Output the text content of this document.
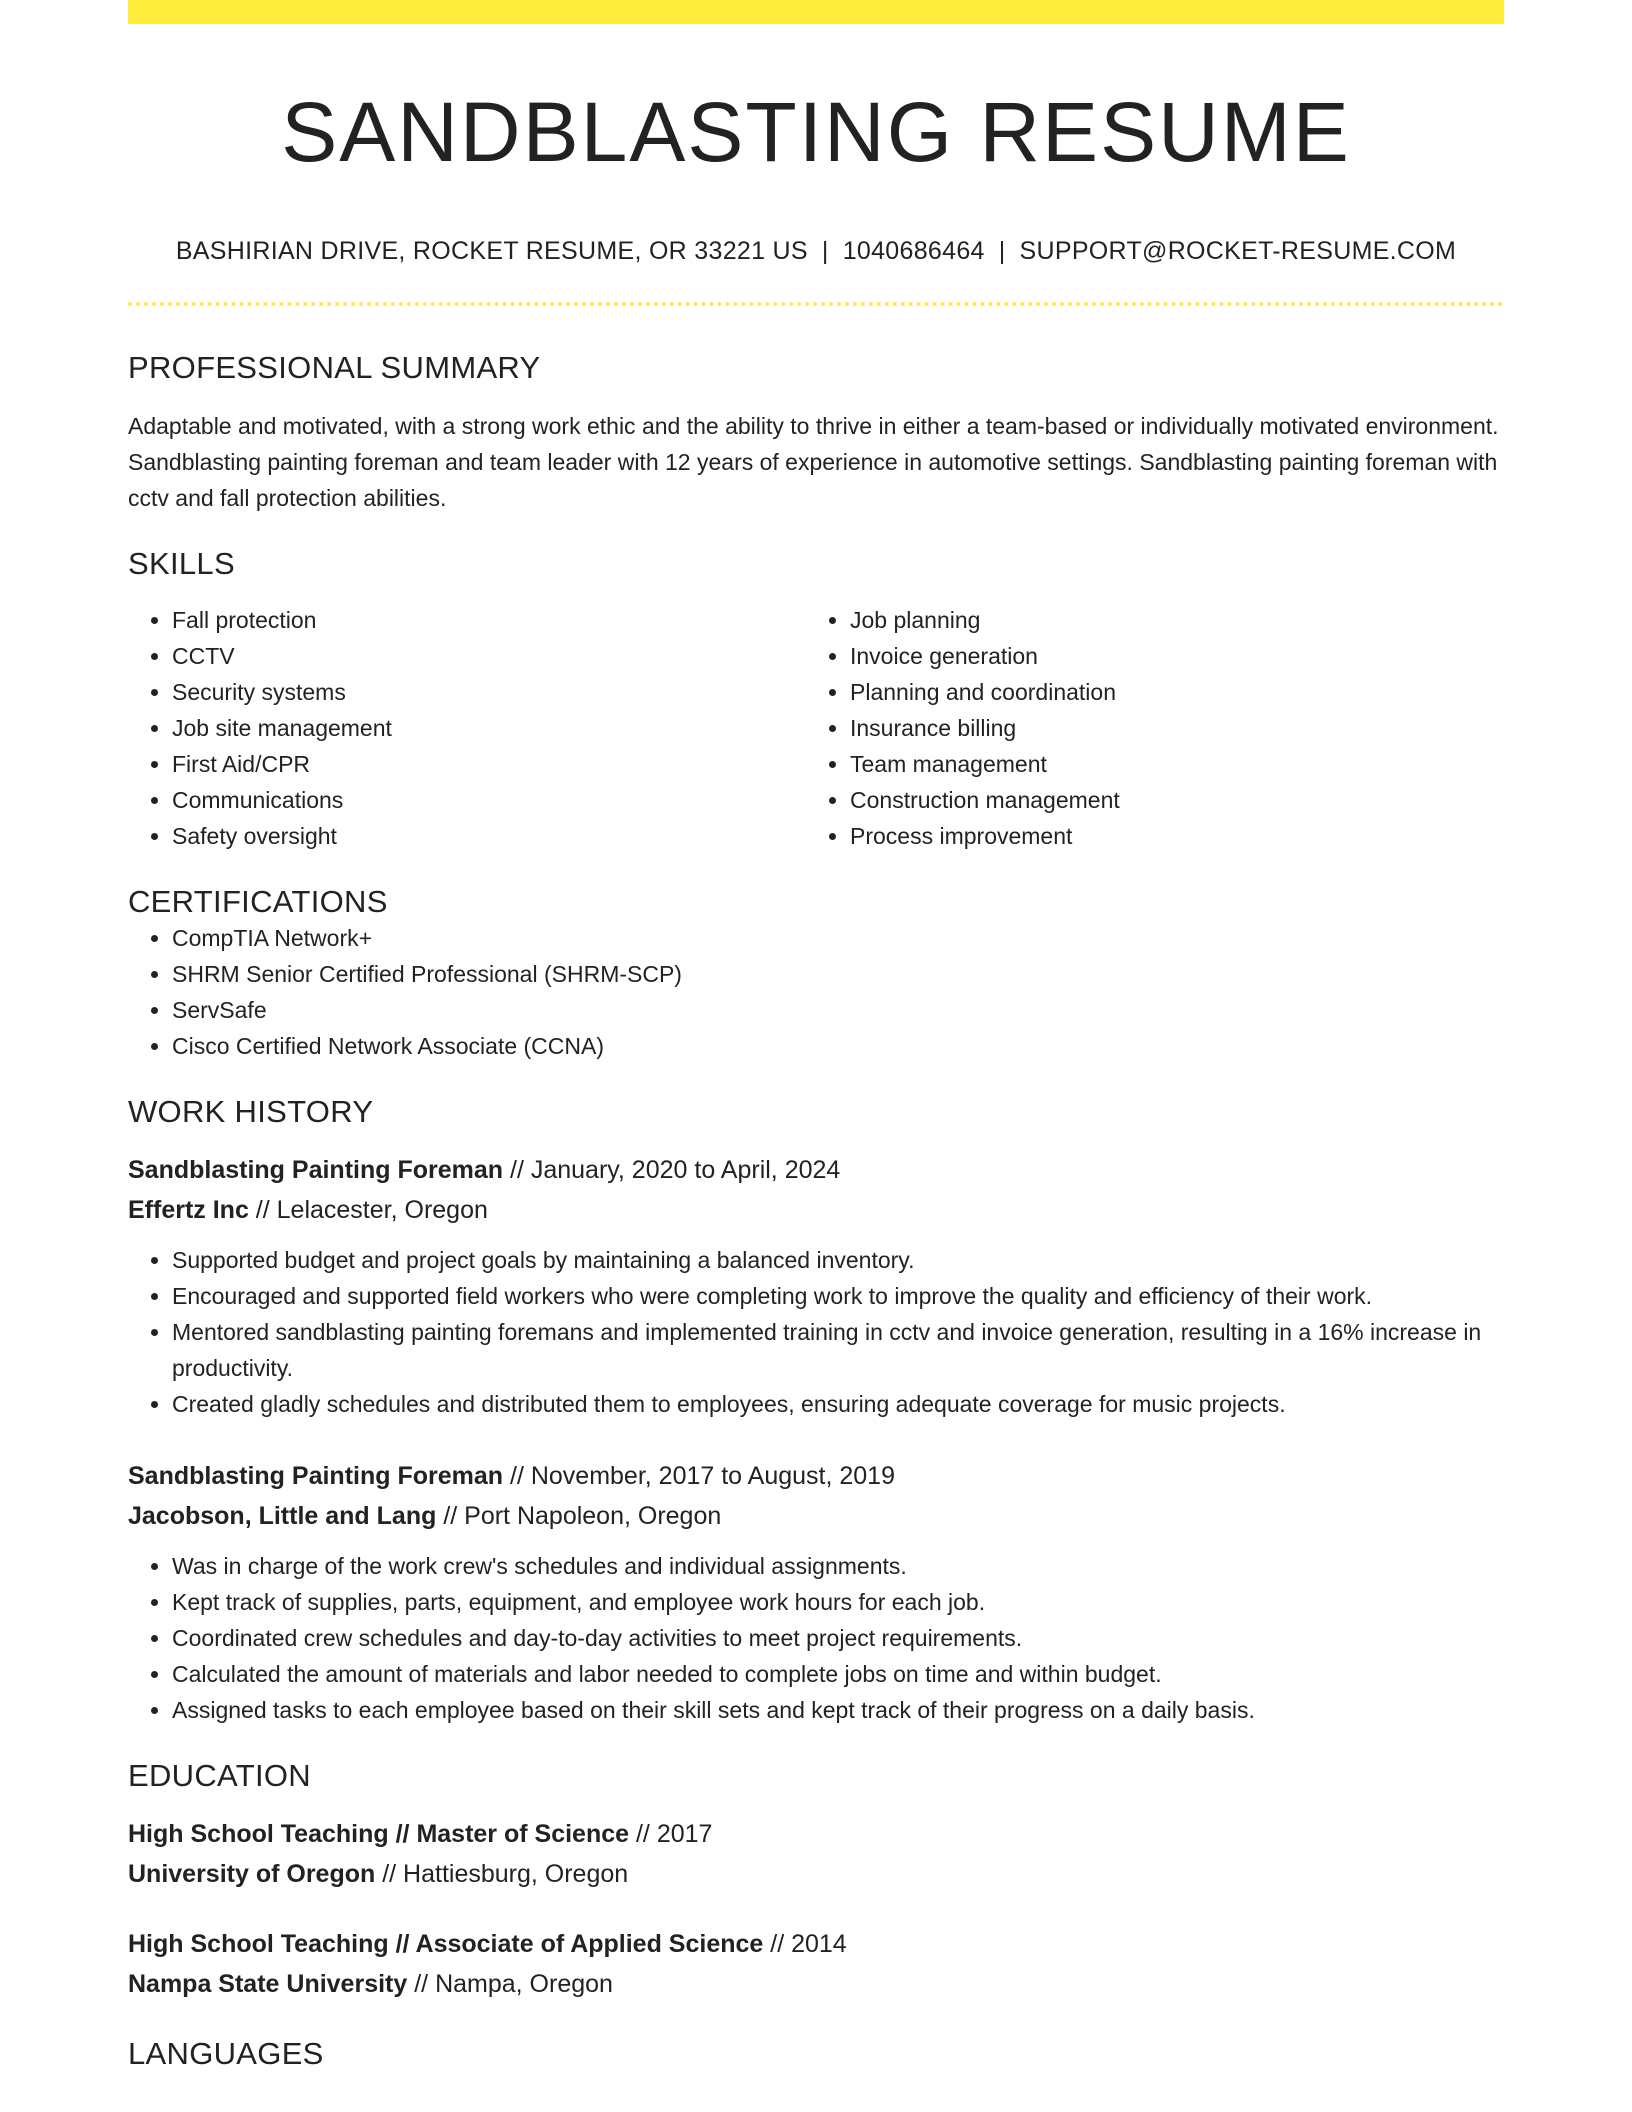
SANDBLASTING RESUME
BASHIRIAN DRIVE, ROCKET RESUME, OR 33221 US | 1040686464 | SUPPORT@ROCKET-RESUME.COM
PROFESSIONAL SUMMARY

Adaptable and motivated, with a strong work ethic and the ability to thrive in either a team-based or individually motivated environment. Sandblasting painting foreman and team leader with 12 years of experience in automotive settings. Sandblasting painting foreman with cctv and fall protection abilities.

SKILLS
• Fall protection
• CCTV
• Security systems
• Job site management
• First Aid/CPR
• Communications
• Safety oversight
• Job planning
• Invoice generation
• Planning and coordination
• Insurance billing
• Team management
• Construction management
• Process improvement
CERTIFICATIONS
• CompTIA Network+
• SHRM Senior Certified Professional (SHRM-SCP)
• ServSafe
• Cisco Certified Network Associate (CCNA)
WORK HISTORY
Sandblasting Painting Foreman // January, 2020 to April, 2024
Effertz Inc // Lelacester, Oregon
• Supported budget and project goals by maintaining a balanced inventory.
• Encouraged and supported field workers who were completing work to improve the quality and efficiency of their work.
• Mentored sandblasting painting foremans and implemented training in cctv and invoice generation, resulting in a 16% increase in productivity.
• Created gladly schedules and distributed them to employees, ensuring adequate coverage for music projects.
Sandblasting Painting Foreman // November, 2017 to August, 2019
Jacobson, Little and Lang // Port Napoleon, Oregon
• Was in charge of the work crew's schedules and individual assignments.
• Kept track of supplies, parts, equipment, and employee work hours for each job.
• Coordinated crew schedules and day-to-day activities to meet project requirements.
• Calculated the amount of materials and labor needed to complete jobs on time and within budget.
• Assigned tasks to each employee based on their skill sets and kept track of their progress on a daily basis.
EDUCATION
High School Teaching // Master of Science // 2017
University of Oregon // Hattiesburg, Oregon
High School Teaching // Associate of Applied Science // 2014
Nampa State University // Nampa, Oregon
LANGUAGES
